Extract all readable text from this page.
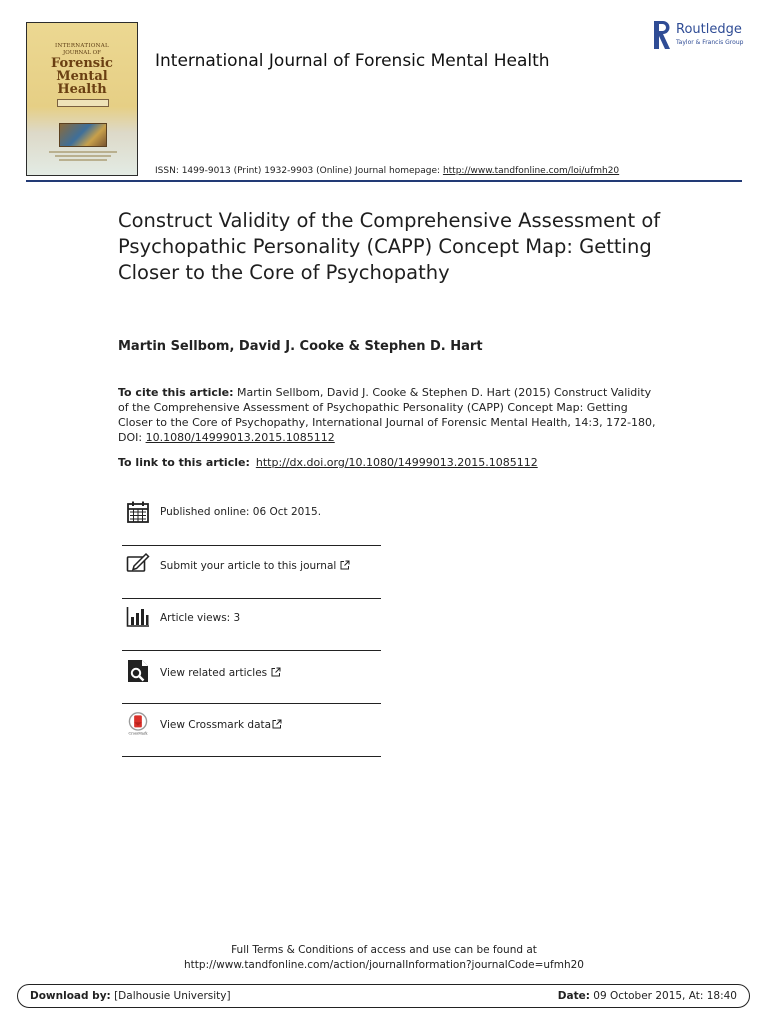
INTERNATIONAL
JOURNAL OF
Forensic
Mental
Health
International Journal of Forensic Mental Health
Routledge
Taylor & Francis Group
ISSN: 1499-9013 (Print) 1932-9903 (Online) Journal homepage: http://www.tandfonline.com/loi/ufmh20
Construct Validity of the Comprehensive Assessment of Psychopathic Personality (CAPP) Concept Map: Getting Closer to the Core of Psychopathy
Martin Sellbom, David J. Cooke & Stephen D. Hart
To cite this article: Martin Sellbom, David J. Cooke & Stephen D. Hart (2015) Construct Validity of the Comprehensive Assessment of Psychopathic Personality (CAPP) Concept Map: Getting Closer to the Core of Psychopathy, International Journal of Forensic Mental Health, 14:3, 172-180, DOI: 10.1080/14999013.2015.1085112
To link to this article: http://dx.doi.org/10.1080/14999013.2015.1085112
Published online: 06 Oct 2015.
Submit your article to this journal
Article views: 3
View related articles
CrossMark
View Crossmark data
Full Terms & Conditions of access and use can be found at
http://www.tandfonline.com/action/journalInformation?journalCode=ufmh20
Download by: [Dalhousie University]	Date: 09 October 2015, At: 18:40
